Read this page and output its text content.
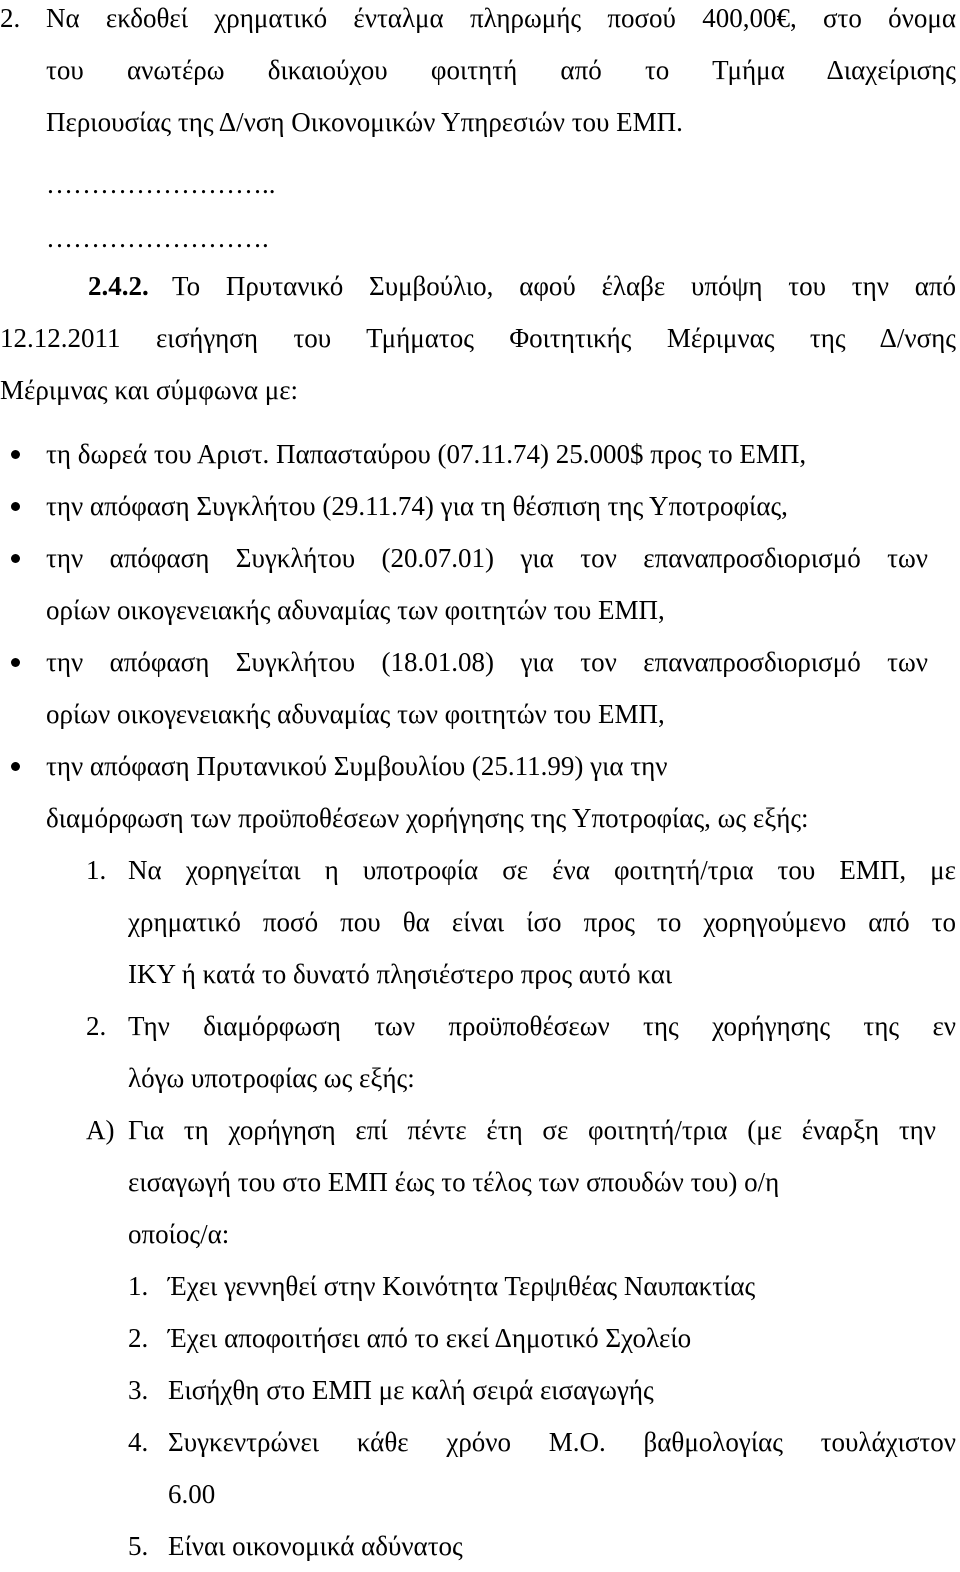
2. Να εκδοθεί χρηματικό ένταλμα πληρωμής ποσού 400,00€, στο όνομα
του ανωτέρω δικαιούχου φοιτητή από το Τμήμα Διαχείρισης
Περιουσίας της Δ/νση Οικονομικών Υπηρεσιών του ΕΜΠ.
……………………..
…………………….
2.4.2. Το Πρυτανικό Συμβούλιο, αφού έλαβε υπόψη του την από
12.12.2011 εισήγηση του Τμήματος Φοιτητικής Μέριμνας της Δ/νσης
Μέριμνας και σύμφωνα με:
τη δωρεά του Αριστ. Παπασταύρου (07.11.74) 25.000$ προς το ΕΜΠ,
την απόφαση Συγκλήτου (29.11.74) για τη θέσπιση της Υποτροφίας,
την απόφαση Συγκλήτου (20.07.01) για τον επαναπροσδιορισμό των
ορίων οικογενειακής αδυναμίας των φοιτητών του ΕΜΠ,
την απόφαση Συγκλήτου (18.01.08) για τον επαναπροσδιορισμό των
ορίων οικογενειακής αδυναμίας των φοιτητών του ΕΜΠ,
την απόφαση Πρυτανικού Συμβουλίου (25.11.99) για την
διαμόρφωση των προϋποθέσεων χορήγησης της Υποτροφίας, ως εξής:
1. Να χορηγείται η υποτροφία σε ένα φοιτητή/τρια του ΕΜΠ, με
χρηματικό ποσό που θα είναι ίσο προς το χορηγούμενο από το
ΙΚΥ ή κατά το δυνατό πλησιέστερο προς αυτό και
2. Την διαμόρφωση των προϋποθέσεων της χορήγησης της εν
λόγω υποτροφίας ως εξής:
Α) Για τη χορήγηση επί πέντε έτη σε φοιτητή/τρια (με έναρξη την
εισαγωγή του στο ΕΜΠ έως το τέλος των σπουδών του) ο/η
οποίος/α:
1. Έχει γεννηθεί στην Κοινότητα Τερψιθέας Ναυπακτίας
2. Έχει αποφοιτήσει από το εκεί Δημοτικό Σχολείο
3. Εισήχθη στο ΕΜΠ με καλή σειρά εισαγωγής
4. Συγκεντρώνει κάθε χρόνο Μ.Ο. βαθμολογίας τουλάχιστον
6.00
5. Είναι οικονομικά αδύνατος
